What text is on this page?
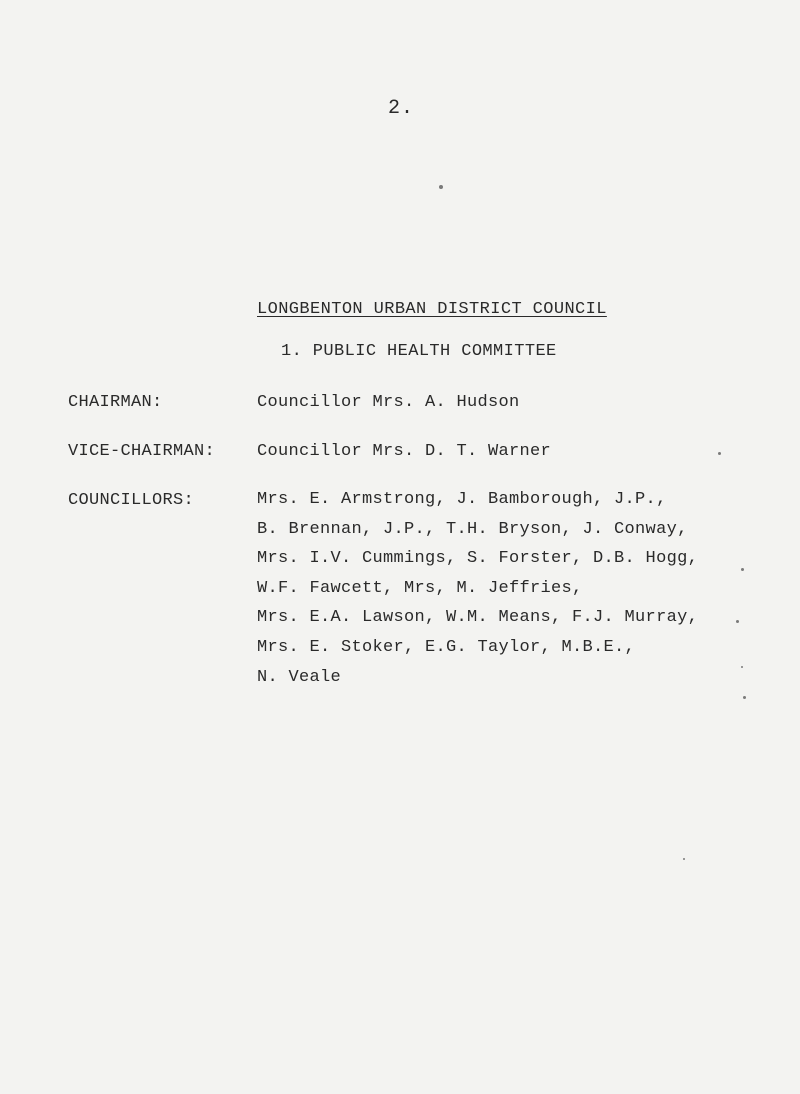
2.
LONGBENTON URBAN DISTRICT COUNCIL
1. PUBLIC HEALTH COMMITTEE
CHAIRMAN:	Councillor Mrs. A. Hudson
VICE-CHAIRMAN: Councillor Mrs. D. T. Warner
COUNCILLORS:	Mrs. E. Armstrong, J. Bamborough, J.P.,
B. Brennan, J.P., T.H. Bryson, J. Conway,
Mrs. I.V. Cummings, S. Forster, D.B. Hogg,
W.F. Fawcett, Mrs, M. Jeffries,
Mrs. E.A. Lawson, W.M. Means, F.J. Murray,
Mrs. E. Stoker, E.G. Taylor, M.B.E.,
N. Veale
